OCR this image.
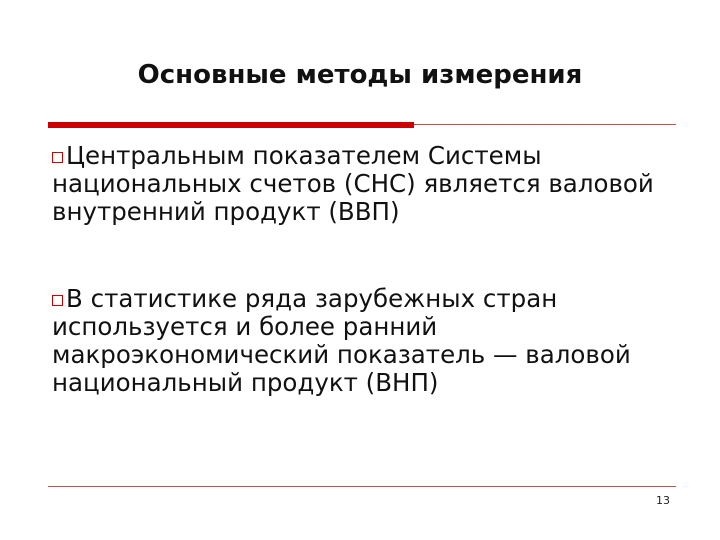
Основные методы измерения
Центральным показателем Системы национальных счетов (СНС) является валовой внутренний продукт (ВВП)
В статистике ряда зарубежных стран используется и более ранний макроэкономический показатель — валовой национальный продукт (ВНП)
13
